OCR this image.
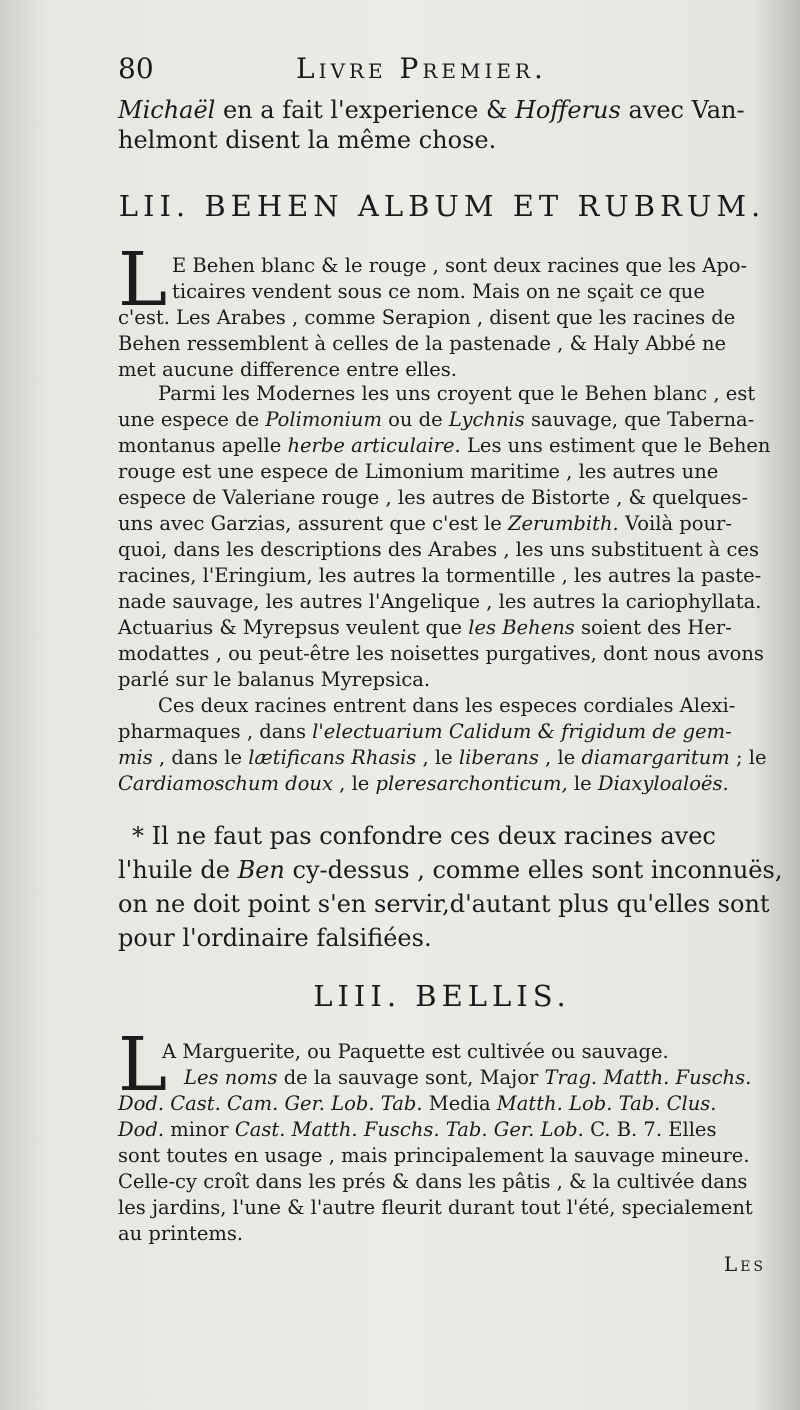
80	Livre Premier.
Michaël en a fait l'experience & Hofferus avec Van-
helmont disent la même chose.
LII. BEHEN ALBUM ET RUBRUM.
L E Behen blanc & le rouge , sont deux racines que les Apo-
ticaires vendent sous ce nom. Mais on ne sçait ce que
c'est. Les Arabes , comme Serapion , disent que les racines de
Behen ressemblent à celles de la pastenade , & Haly Abbé ne
met aucune difference entre elles.
Parmi les Modernes les uns croyent que le Behen blanc , est
une espece de Polimonium ou de Lychnis sauvage, que Taberna-
montanus apelle herbe articulaire. Les uns estiment que le Behen
rouge est une espece de Limonium maritime , les autres une
espece de Valeriane rouge , les autres de Bistorte , & quelques-
uns avec Garzias, assurent que c'est le Zerumbith. Voilà pour-
quoi, dans les descriptions des Arabes , les uns substituent à ces
racines, l'Eringium, les autres la tormentille , les autres la paste-
nade sauvage, les autres l'Angelique , les autres la cariophyllata.
Actuarius & Myrepsus veulent que les Behens soient des Her-
modattes , ou peut-être les noisettes purgatives, dont nous avons
parlé sur le balanus Myrepsica.
Ces deux racines entrent dans les especes cordiales Alexi-
pharmaques , dans l'electuarium Calidum & frigidum de gem-
mis , dans le lætificans Rhasis , le liberans , le diamargaritum ; le
Cardiamoschum doux , le pleresarchonticum, le Diaxyloaloës.
* Il ne faut pas confondre ces deux racines avec
l'huile de Ben cy-dessus , comme elles sont inconnuës,
on ne doit point s'en servir,d'autant plus qu'elles sont
pour l'ordinaire falsifiées.
LIII. BELLIS.
L
A Marguerite, ou Paquette est cultivée ou sauvage.
Les noms de la sauvage sont, Major Trag. Matth. Fuschs.
Dod. Cast. Cam. Ger. Lob. Tab. Media Matth. Lob. Tab. Clus.
Dod. minor Cast. Matth. Fuschs. Tab. Ger. Lob. C. B. 7. Elles
sont toutes en usage , mais principalement la sauvage mineure.
Celle-cy croît dans les prés & dans les pâtis , & la cultivée dans
les jardins, l'une & l'autre fleurit durant tout l'été, specialement
au printems.
Les
